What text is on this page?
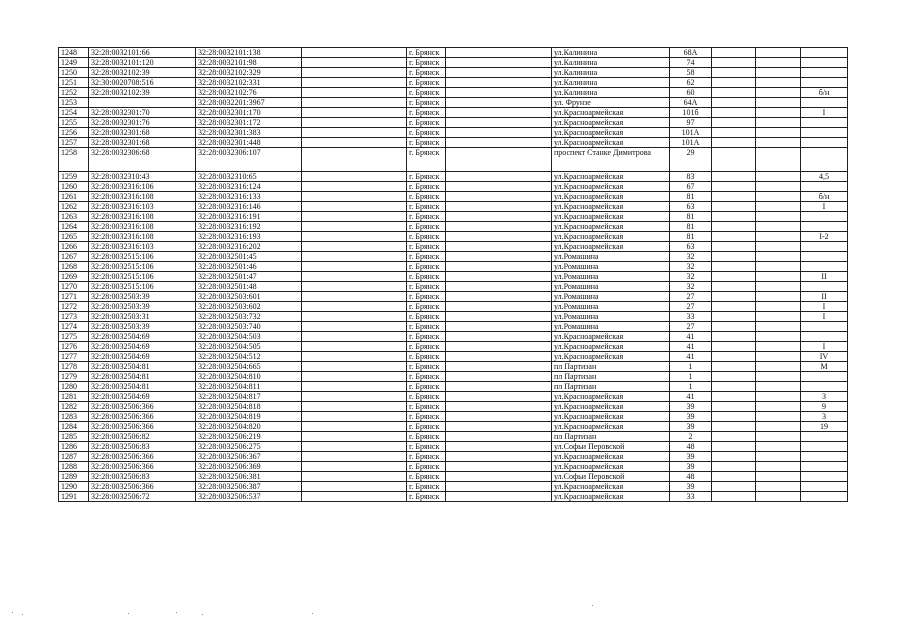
1248	32:28:0032101:66	32:28:0032101:138		г. Брянск		ул.Калинина	68А			
1249	32:28:0032101:120	32:28:0032101:98		г. Брянск		ул.Калинина	74			
1250	32:28:0032102:39	32:28:0032102:329		г. Брянск		ул.Калинина	58			
1251	32:30:0020708:516	32:28:0032102:331		г. Брянск		ул.Калинина	62			
1252	32:28:0032102:39	32:28:0032102:76		г. Брянск		ул.Калинина	60			б/н
1253		32:28:0032201:3967		г. Брянск		ул. Фрунзе	64А			
1254	32:28:0032301:70	32:28:0032301:170		г. Брянск		ул.Красноармейская	101б			I
1255	32:28:0032301:76	32:28:0032301:172		г. Брянск		ул.Красноармейская	97			
1256	32:28:0032301:68	32:28:0032301:383		г. Брянск		ул.Красноармейская	101А			
1257	32:28:0032301:68	32:28:0032301:448		г. Брянск		ул.Красноармейская	101А			
1258	32:28:0032306:68	32:28:0032306:107		г. Брянск		проспект Станке Димитрова	29			
1259	32:28:0032310:43	32:28:0032310:65		г. Брянск		ул.Красноармейская	83			4,5
1260	32:28:0032316:106	32:28:0032316:124		г. Брянск		ул.Красноармейская	67			
1261	32:28:0032316:108	32:28:0032316:133		г. Брянск		ул.Красноармейская	81			б/н
1262	32:28:0032316:103	32:28:0032316:146		г. Брянск		ул.Красноармейская	63			I
1263	32:28:0032316:108	32:28:0032316:191		г. Брянск		ул.Красноармейская	81			
1264	32:28:0032316:108	32:28:0032316:192		г. Брянск		ул.Красноармейская	81			
1265	32:28:0032316:108	32:28:0032316:193		г. Брянск		ул.Красноармейская	81			I-2
1266	32:28:0032316:103	32:28:0032316:202		г. Брянск		ул.Красноармейская	63			
1267	32:28:0032515:106	32:28:0032501:45		г. Брянск		ул.Ромашина	32			
1268	32:28:0032515:106	32:28:0032501:46		г. Брянск		ул.Ромашина	32			
1269	32:28:0032515:106	32:28:0032501:47		г. Брянск		ул.Ромашина	32			II
1270	32:28:0032515:106	32:28:0032501:48		г. Брянск		ул.Ромашина	32			
1271	32:28:0032503:39	32:28:0032503:601		г. Брянск		ул.Ромашина	27			II
1272	32:28:0032503:39	32:28:0032503:602		г. Брянск		ул.Ромашина	27			I
1273	32:28:0032503:31	32:28:0032503:732		г. Брянск		ул.Ромашина	33			I
1274	32:28:0032503:39	32:28:0032503:740		г. Брянск		ул.Ромашина	27			
1275	32:28:0032504:69	32:28:0032504:503		г. Брянск		ул.Красноармейская	41			
1276	32:28:0032504:69	32:28:0032504:505		г. Брянск		ул.Красноармейская	41			I
1277	32:28:0032504:69	32:28:0032504:512		г. Брянск		ул.Красноармейская	41			IV
1278	32:28:0032504:81	32:28:0032504:665		г. Брянск		пл Партизан	1			М
1279	32:28:0032504:81	32:28:0032504:810		г. Брянск		пл Партизан	1			
1280	32:28:0032504:81	32:28:0032504:811		г. Брянск		пл Партизан	1			
1281	32:28:0032504:69	32:28:0032504:817		г. Брянск		ул.Красноармейская	41			3
1282	32:28:0032506:366	32:28:0032504:818		г. Брянск		ул.Красноармейская	39			9
1283	32:28:0032506:366	32:28:0032504:819		г. Брянск		ул.Красноармейская	39			3
1284	32:28:0032506:366	32:28:0032504:820		г. Брянск		ул.Красноармейская	39			19
1285	32:28:0032506:82	32:28:0032506:219		г. Брянск		пл Партизан	2			
1286	32:28:0032506:83	32:28:0032506:275		г. Брянск		ул.Софьи Перовской	48			
1287	32:28:0032506:366	32:28:0032506:367		г. Брянск		ул.Красноармейская	39			
1288	32:28:0032506:366	32:28:0032506:369		г. Брянск		ул.Красноармейская	39			
1289	32:28:0032506:83	32:28:0032506:381		г. Брянск		ул.Софьи Перовской	48			
1290	32:28:0032506:366	32:28:0032506:387		г. Брянск		ул.Красноармейская	39			
1291	32:28:0032506:72	32:28:0032506:537		г. Брянск		ул.Красноармейская	33			
